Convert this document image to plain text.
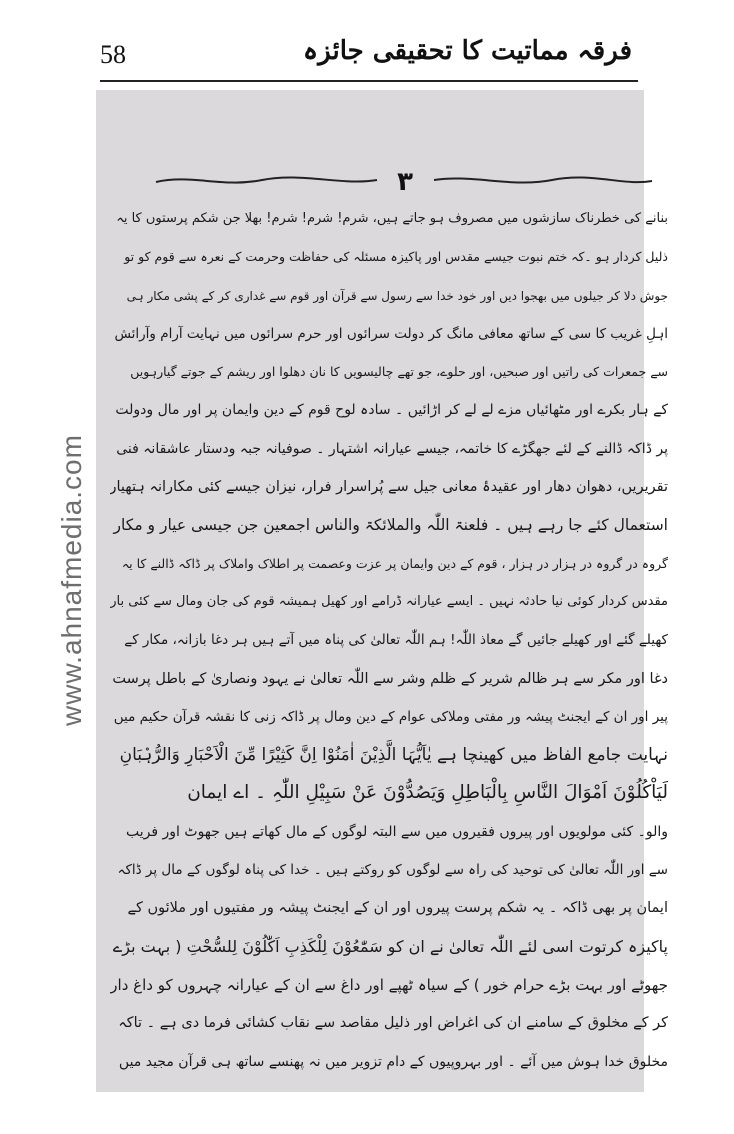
58	فرقہ مماتیت کا تحقیقی جائزہ
www.ahnafmedia.com
۳
بنانے کی خطرناک سازشوں میں مصروف ہو جاتے ہیں، شرم! شرم! شرم! بھلا جن شکم پرستوں کا یہ
ذلیل کردار ہو ۔کہ ختم نبوت جیسے مقدس اور پاکیزہ مسئلہ کی حفاظت وحرمت کے نعرہ سے قوم کو تو
جوش دلا کر جیلوں میں بھجوا دیں اور خود خدا سے رسول سے قرآن اور قوم سے غداری کر کے پشی مکار ہی
اہلِ غریب کا سی کے ساتھ معافی مانگ کر دولت سرائوں اور حرم سرائوں میں نہایت آرام وآرائش
سے جمعرات کی راتیں اور صبحیں، اور حلوے، جو تھے چالیسویں کا نان دھلوا اور ریشم کے جوتے گیارہویں
کے ہار بکرے اور مٹھائیاں مزے لے لے کر اڑائیں ۔ سادہ لوح قوم کے دین وایمان پر اور مال ودولت
پر ڈاکہ ڈالنے کے لئے جھگڑے کا خاتمہ، جیسے عیارانہ اشتہار ۔ صوفیانہ جبہ ودستار عاشقانہ فنی
تقریریں، دھوان دھار اور عقیدۂ معانی جیل سے پُراسرار فرار، نیزان جیسے کئی مکارانہ ہتھیار
استعمال کئے جا رہے ہیں ۔ فلعنۃ اللّٰہ والملائکۃ والناس اجمعین جن جیسی عیار و مکار
گروہ در گروہ در ہزار در ہزار ، قوم کے دین وایمان پر عزت وعصمت پر اطلاک واملاک پر ڈاکہ ڈالنے کا یہ
مقدس کردار کوئی نیا حادثہ نہیں ۔ ایسے عیارانہ ڈرامے اور کھیل ہمیشہ قوم کی جان ومال سے کئی بار
کھیلے گئے اور کھیلے جائیں گے معاذ اللّٰہ! ہم اللّٰہ تعالیٰ کی پناہ میں آتے ہیں ہر دغا بازانہ، مکار کے
دغا اور مکر سے ہر ظالم شریر کے ظلم وشر سے اللّٰہ تعالیٰ نے یہود ونصاریٰ کے باطل پرست
پیر اور ان کے ایجنٹ پیشہ ور مفتی وملاکی عوام کے دین ومال پر ڈاکہ زنی کا نقشہ قرآن حکیم میں
نہایت جامع الفاظ میں کھینچا ہے یٰاَیُّہَا الَّذِیْنَ اٰمَنُوْا اِنَّ کَثِیْرًا مِّنَ الْاَحْبَارِ وَالرُّہْبَانِ
لَیَاْکُلُوْنَ اَمْوَالَ النَّاسِ بِالْبَاطِلِ وَیَصُدُّوْنَ عَنْ سَبِیْلِ اللّٰہِ ۔ اے ایمان
والو۔ کئی مولویوں اور پیروں فقیروں میں سے البتہ لوگوں کے مال کھاتے ہیں جھوٹ اور فریب
سے اور اللّٰہ تعالیٰ کی توحید کی راہ سے لوگوں کو روکتے ہیں ۔ خدا کی پناہ لوگوں کے مال پر ڈاکہ
ایمان پر بھی ڈاکہ ۔ یہ شکم پرست پیروں اور ان کے ایجنٹ پیشہ ور مفتیوں اور ملائوں کے
پاکیزہ کرتوت اسی لئے اللّٰہ تعالیٰ نے ان کو سَمّٰعُوْنَ لِلْکَذِبِ اَکّٰلُوْنَ لِلسُّحْتِ ( بہت بڑے
جھوٹے اور بہت بڑے حرام خور ) کے سیاہ ٹھپے اور داغ سے ان کے عیارانہ چہروں کو داغ دار
کر کے مخلوق کے سامنے ان کی اغراض اور ذلیل مقاصد سے نقاب کشائی فرما دی ہے ۔ تاکہ
مخلوق خدا ہوش میں آئے ۔ اور بہروپیوں کے دام تزویر میں نہ پھنسے ساتھ ہی قرآن مجید میں
